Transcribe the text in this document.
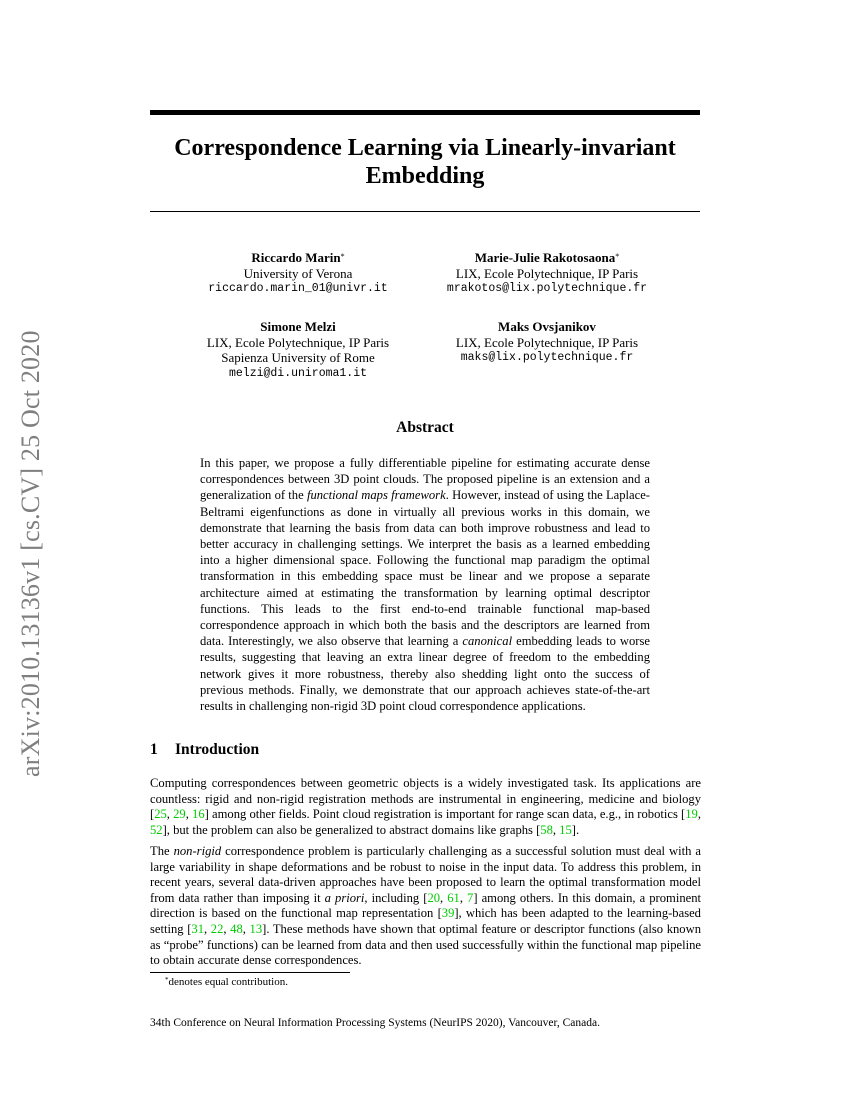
arXiv:2010.13136v1 [cs.CV] 25 Oct 2020
Correspondence Learning via Linearly-invariant
Embedding
Riccardo Marin*
University of Verona
riccardo.marin_01@univr.it
Marie-Julie Rakotosaona*
LIX, Ecole Polytechnique, IP Paris
mrakotos@lix.polytechnique.fr
Simone Melzi
LIX, Ecole Polytechnique, IP Paris
Sapienza University of Rome
melzi@di.uniroma1.it
Maks Ovsjanikov
LIX, Ecole Polytechnique, IP Paris
maks@lix.polytechnique.fr
Abstract
In this paper, we propose a fully differentiable pipeline for estimating accurate dense correspondences between 3D point clouds. The proposed pipeline is an extension and a generalization of the functional maps framework. However, instead of using the Laplace-Beltrami eigenfunctions as done in virtually all previous works in this domain, we demonstrate that learning the basis from data can both improve robustness and lead to better accuracy in challenging settings. We interpret the basis as a learned embedding into a higher dimensional space. Following the functional map paradigm the optimal transformation in this embedding space must be linear and we propose a separate architecture aimed at estimating the transformation by learning optimal descriptor functions. This leads to the first end-to-end trainable functional map-based correspondence approach in which both the basis and the descriptors are learned from data. Interestingly, we also observe that learning a canonical embedding leads to worse results, suggesting that leaving an extra linear degree of freedom to the embedding network gives it more robustness, thereby also shedding light onto the success of previous methods. Finally, we demonstrate that our approach achieves state-of-the-art results in challenging non-rigid 3D point cloud correspondence applications.
1 Introduction
Computing correspondences between geometric objects is a widely investigated task. Its applications are countless: rigid and non-rigid registration methods are instrumental in engineering, medicine and biology [25, 29, 16] among other fields. Point cloud registration is important for range scan data, e.g., in robotics [19, 52], but the problem can also be generalized to abstract domains like graphs [58, 15].
The non-rigid correspondence problem is particularly challenging as a successful solution must deal with a large variability in shape deformations and be robust to noise in the input data. To address this problem, in recent years, several data-driven approaches have been proposed to learn the optimal transformation model from data rather than imposing it a priori, including [20, 61, 7] among others. In this domain, a prominent direction is based on the functional map representation [39], which has been adapted to the learning-based setting [31, 22, 48, 13]. These methods have shown that optimal feature or descriptor functions (also known as “probe” functions) can be learned from data and then used successfully within the functional map pipeline to obtain accurate dense correspondences.
*denotes equal contribution.
34th Conference on Neural Information Processing Systems (NeurIPS 2020), Vancouver, Canada.
